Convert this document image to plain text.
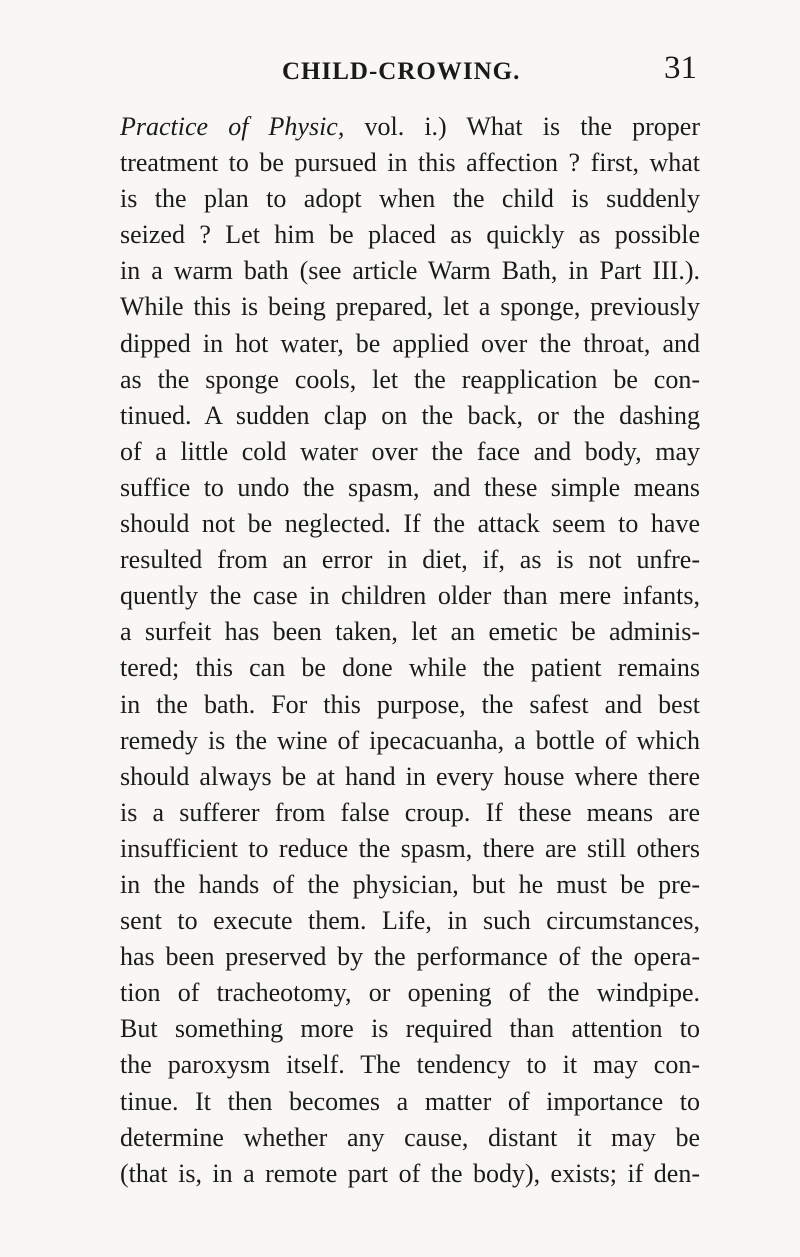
CHILD-CROWING.	31
Practice of Physic, vol. i.) What is the proper
treatment to be pursued in this affection ? first, what
is the plan to adopt when the child is suddenly
seized ? Let him be placed as quickly as possible
in a warm bath (see article Warm Bath, in Part III.).
While this is being prepared, let a sponge, previously
dipped in hot water, be applied over the throat, and
as the sponge cools, let the reapplication be con-
tinued. A sudden clap on the back, or the dashing
of a little cold water over the face and body, may
suffice to undo the spasm, and these simple means
should not be neglected. If the attack seem to have
resulted from an error in diet, if, as is not unfre-
quently the case in children older than mere infants,
a surfeit has been taken, let an emetic be adminis-
tered; this can be done while the patient remains
in the bath. For this purpose, the safest and best
remedy is the wine of ipecacuanha, a bottle of which
should always be at hand in every house where there
is a sufferer from false croup. If these means are
insufficient to reduce the spasm, there are still others
in the hands of the physician, but he must be pre-
sent to execute them. Life, in such circumstances,
has been preserved by the performance of the opera-
tion of tracheotomy, or opening of the windpipe.
But something more is required than attention to
the paroxysm itself. The tendency to it may con-
tinue. It then becomes a matter of importance to
determine whether any cause, distant it may be
(that is, in a remote part of the body), exists; if den-
